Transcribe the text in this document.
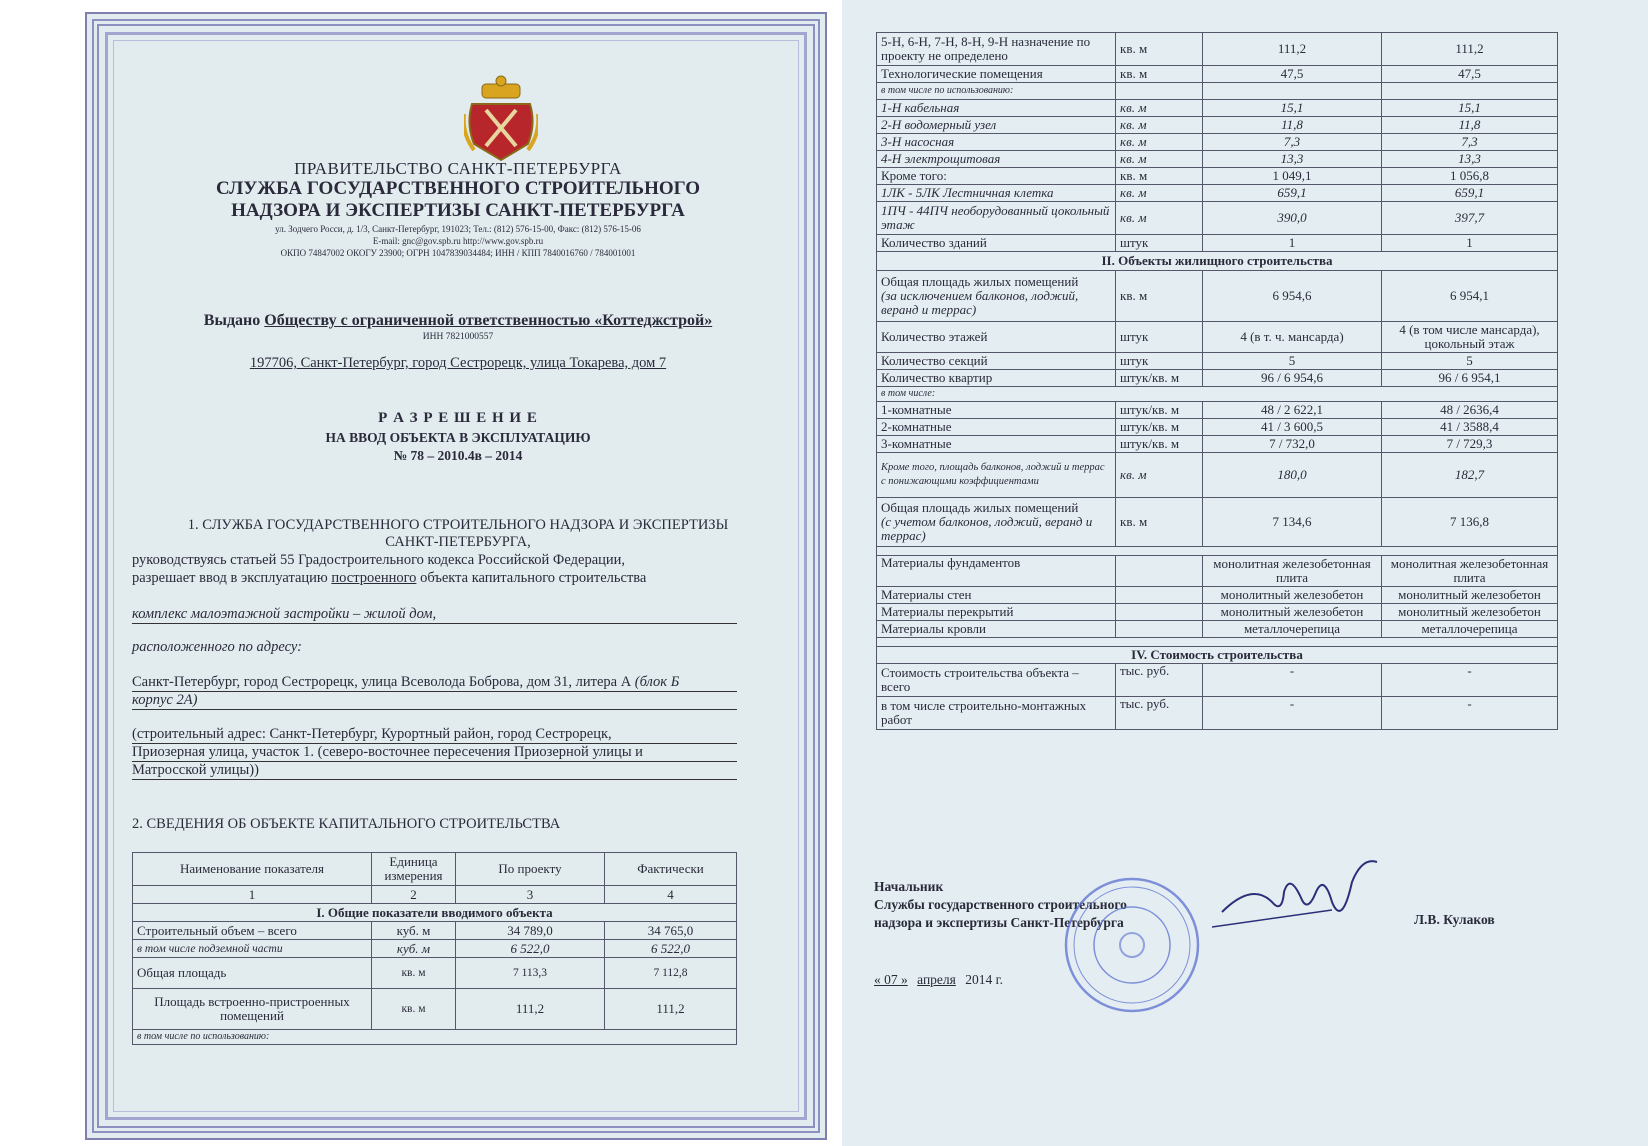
ПРАВИТЕЛЬСТВО САНКТ-ПЕТЕРБУРГА
СЛУЖБА ГОСУДАРСТВЕННОГО СТРОИТЕЛЬНОГО
НАДЗОРА И ЭКСПЕРТИЗЫ САНКТ-ПЕТЕРБУРГА
ул. Зодчего Росси, д. 1/3, Санкт-Петербург, 191023; Тел.: (812) 576-15-00, Факс: (812) 576-15-06
E-mail: gnc@gov.spb.ru http://www.gov.spb.ru
ОКПО 74847002 ОКОГУ 23900; ОГРН 1047839034484; ИНН / КПП 7840016760 / 784001001
Выдано Обществу с ограниченной ответственностью «Коттеджстрой»
ИНН 7821000557
197706, Санкт-Петербург, город Сестрорецк, улица Токарева, дом 7
Р А З Р Е Ш Е Н И Е
НА ВВОД ОБЪЕКТА В ЭКСПЛУАТАЦИЮ
№ 78 – 2010.4в – 2014
1. СЛУЖБА ГОСУДАРСТВЕННОГО СТРОИТЕЛЬНОГО НАДЗОРА И ЭКСПЕРТИЗЫ
САНКТ-ПЕТЕРБУРГА,
руководствуясь статьей 55 Градостроительного кодекса Российской Федерации,
разрешает ввод в эксплуатацию построенного объекта капитального строительства
комплекс малоэтажной застройки – жилой дом,
расположенного по адресу:
Санкт-Петербург, город Сестрорецк, улица Всеволода Боброва, дом 31, литера А (блок Б
корпус 2А)
(строительный адрес: Санкт-Петербург, Курортный район, город Сестрорецк,
Приозерная улица, участок 1. (северо-восточнее пересечения Приозерной улицы и
Матросской улицы))
2. СВЕДЕНИЯ ОБ ОБЪЕКТЕ КАПИТАЛЬНОГО СТРОИТЕЛЬСТВА
Наименование показателя	Единица измерения	По проекту	Фактически
1	2	3	4
I. Общие показатели вводимого объекта			
Строительный объем – всего	куб. м	34 789,0	34 765,0
в том числе подземной части	куб. м	6 522,0	6 522,0
Общая площадь	кв. м	7 113,3	7 112,8
Площадь встроенно-пристроенных помещений	кв. м	111,2	111,2
в том числе по использованию:			
5-Н, 6-Н, 7-Н, 8-Н, 9-Н назначение по проекту не определено	кв. м	111,2	111,2
Технологические помещения	кв. м	47,5	47,5
в том числе по использованию:			
1-Н кабельная	кв. м	15,1	15,1
2-Н водомерный узел	кв. м	11,8	11,8
3-Н насосная	кв. м	7,3	7,3
4-Н электрощитовая	кв. м	13,3	13,3
Кроме того:	кв. м	1 049,1	1 056,8
1ЛК - 5ЛК Лестничная клетка	кв. м	659,1	659,1
1ПЧ - 44ПЧ необорудованный цокольный этаж	кв. м	390,0	397,7
Количество зданий	штук	1	1
II. Объекты жилищного строительства			

Общая площадь жилых помещений
(за исключением балконов, лоджий, веранд и террас)	кв. м	6 954,6	6 954,1

Количество этажей	штук	4 (в т. ч. мансарда)	4 (в том числе мансарда), цокольный этаж

Количество секций	штук	5	5

Количество квартир	штук/кв. м	96 / 6 954,6	96 / 6 954,1
в том числе:			
1-комнатные	штук/кв. м	48 / 2 622,1	48 / 2636,4
2-комнатные	штук/кв. м	41 / 3 600,5	41 / 3588,4
3-комнатные	штук/кв. м	7 / 732,0	7 / 729,3
Кроме того, площадь балконов, лоджий и террас с понижающими коэффициентами	кв. м	180,0	182,7

Общая площадь жилых помещений
(с учетом балконов, лоджий, веранд и террас)	кв. м	7 134,6	7 136,8

Материалы фундаментов		монолитная железобетонная плита	монолитная железобетонная плита
Материалы стен		монолитный железобетон	монолитный железобетон
Материалы перекрытий		монолитный железобетон	монолитный железобетон
Материалы кровли		металлочерепица	металлочерепица

IV. Стоимость строительства			
Стоимость строительства объекта – всего	тыс. руб.	-	-
в том числе строительно-монтажных работ	тыс. руб.	-	-
Начальник
Службы государственного строительного
надзора и экспертизы Санкт-Петербурга	Л.В. Кулаков
« 07 » апреля 2014 г.
